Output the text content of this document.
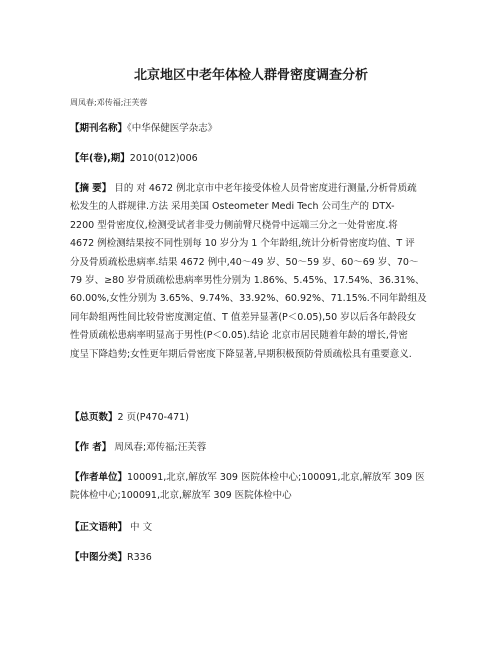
北京地区中老年体检人群骨密度调查分析
周凤春;邓传福;汪芙蓉
【期刊名称】《中华保健医学杂志》
【年(卷),期】2010(012)006
【摘 要】 目的 对 4672 例北京市中老年接受体检人员骨密度进行测量,分析骨质疏
松发生的人群规律.方法 采用美国 Osteometer Medi Tech 公司生产的 DTX-
2200 型骨密度仪,检测受试者非受力侧前臂尺桡骨中远端三分之一处骨密度.将
4672 例检测结果按不同性别每 10 岁分为 1 个年龄组,统计分析骨密度均值、T 评
分及骨质疏松患病率.结果 4672 例中,40～49 岁、50～59 岁、60～69 岁、70～
79 岁、≥80 岁骨质疏松患病率男性分别为 1.86%、5.45%、17.54%、36.31%、
60.00%,女性分别为 3.65%、9.74%、33.92%、60.92%、71.15%.不同年龄组及
同年龄组两性间比较骨密度测定值、T 值差异显著(P＜0.05),50 岁以后各年龄段女
性骨质疏松患病率明显高于男性(P＜0.05).结论 北京市居民随着年龄的增长,骨密
度呈下降趋势;女性更年期后骨密度下降显著,早期积极预防骨质疏松具有重要意义.
【总页数】2 页(P470-471)
【作 者】 周凤春;邓传福;汪芙蓉
【作者单位】100091,北京,解放军 309 医院体检中心;100091,北京,解放军 309 医
院体检中心;100091,北京,解放军 309 医院体检中心
【正文语种】 中 文
【中图分类】R336
